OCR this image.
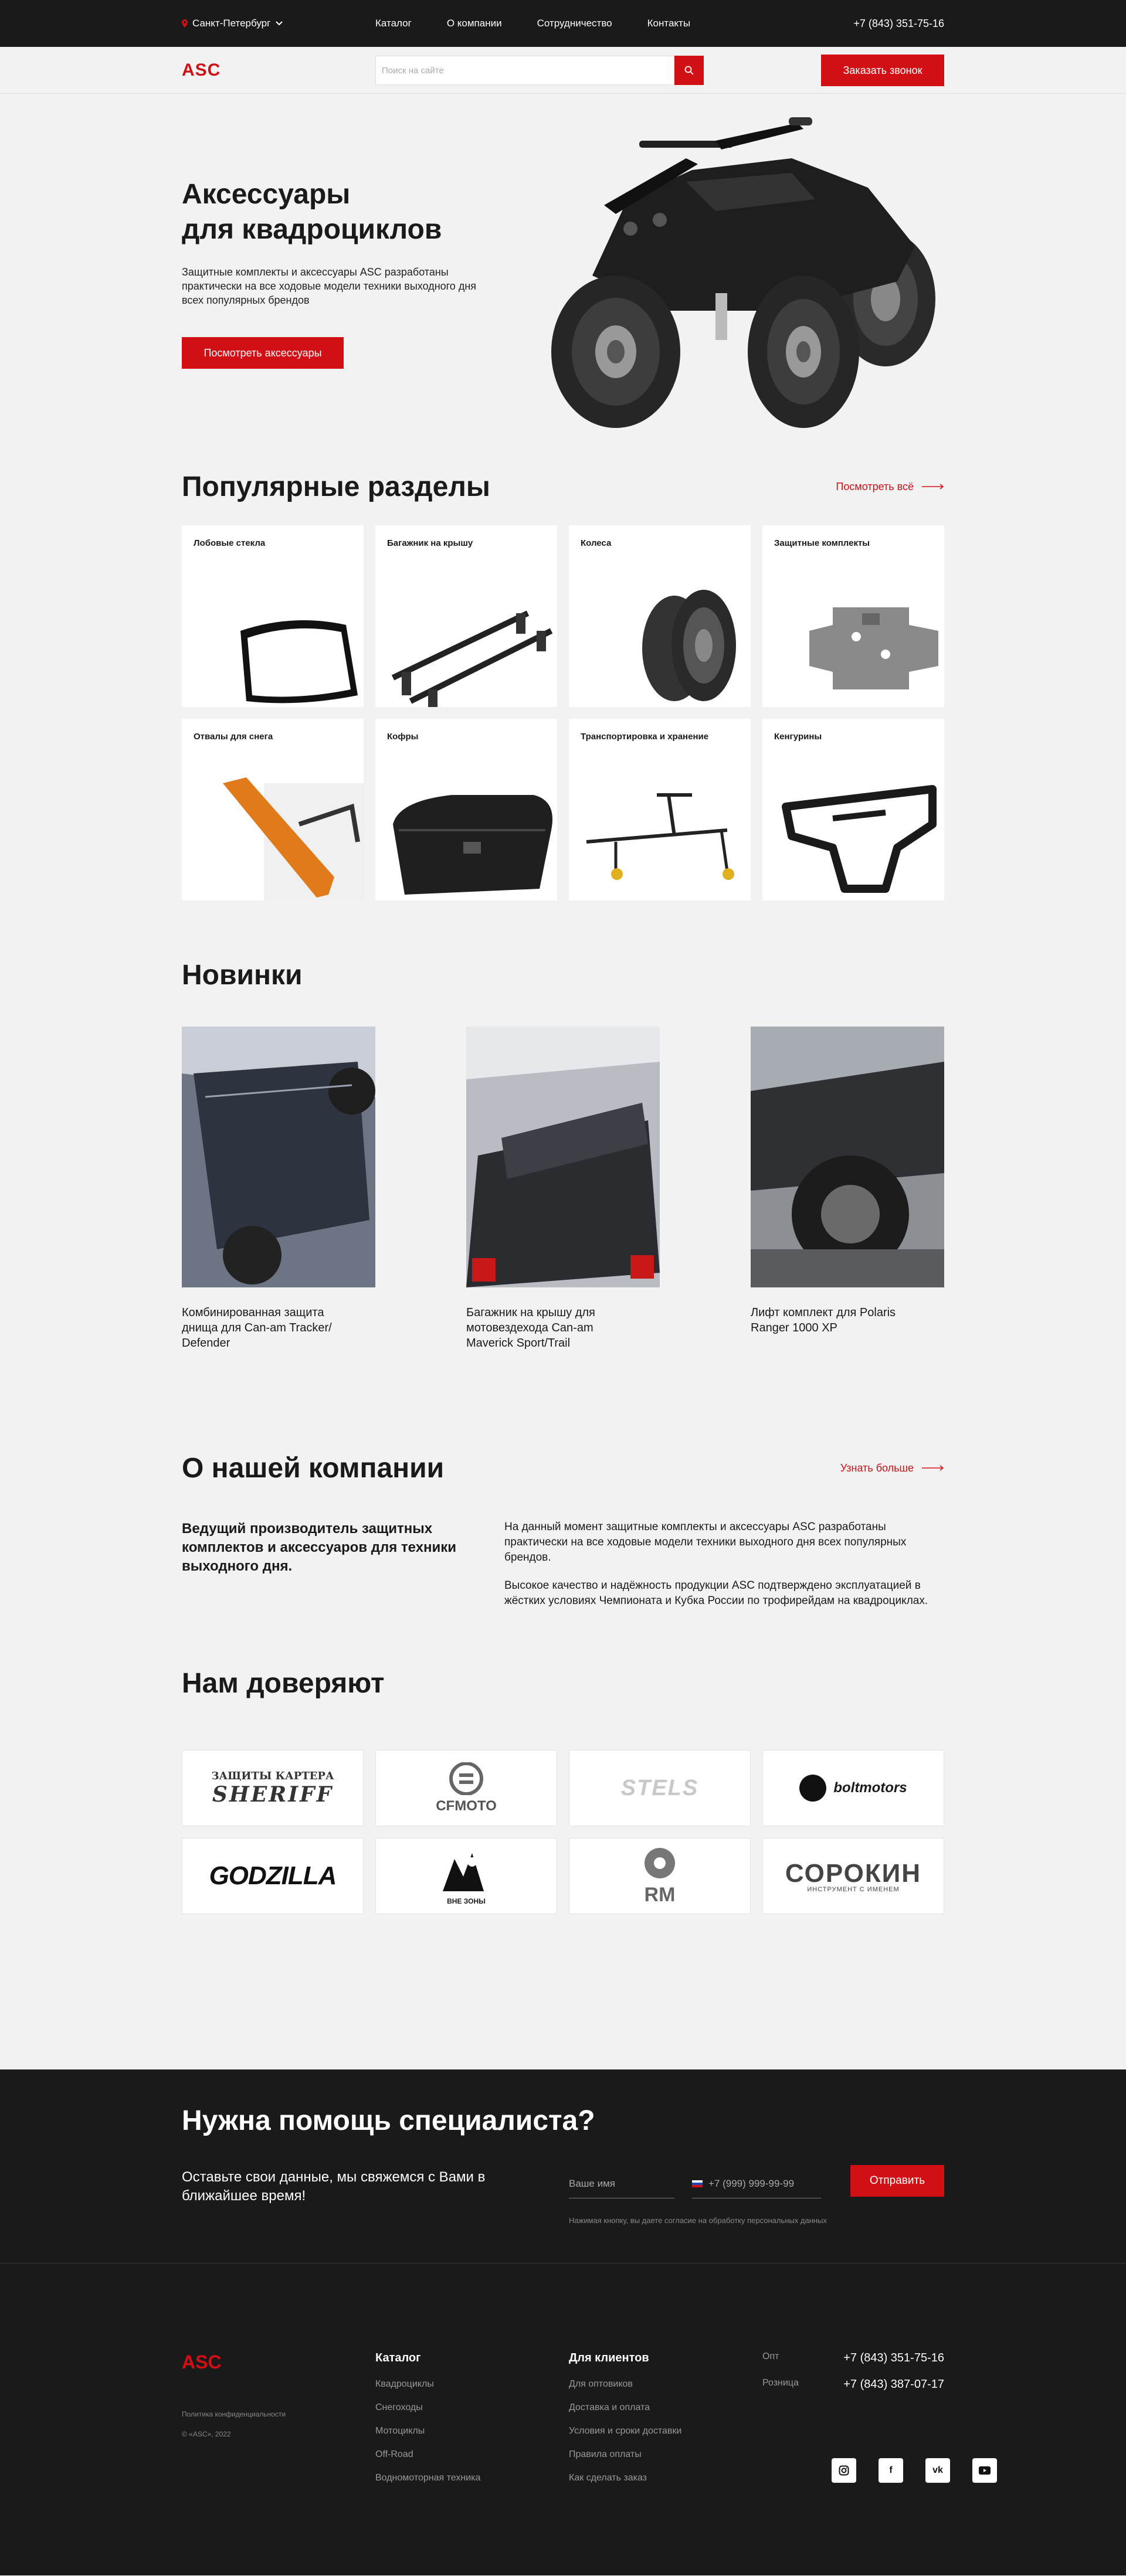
Санкт-Петербург	Каталог	О компании	Сотрудничество	Контакты	+7 (843) 351-75-16
ASC	Поиск на сайте	Заказать звонок
Аксессуары
для квадроциклов

Защитные комплекты и аксессуары ASC разработаны практически на все ходовые модели техники выходного дня всех популярных брендов

Посмотреть аксессуары
Популярные разделы	Посмотреть всё
Лобовые стекла	Багажник на крышу	Колеса	Защитные комплекты
Отвалы для снега	Кофры	Транспортировка и хранение	Кенгурины
Новинки
Комбинированная защита днища для Can-am Tracker/ Defender
Багажник на крышу для мотовездехода Can-am Maverick Sport/Trail
Лифт комплект для Polaris Ranger 1000 XP
О нашей компании	Узнать больше
Ведущий производитель защитных комплектов и аксессуаров для техники выходного дня.

На данный момент защитные комплекты и аксессуары ASC разработаны практически на все ходовые модели техники выходного дня всех популярных брендов.

Высокое качество и надёжность продукции ASC подтверждено эксплуатацией в жёстких условиях Чемпионата и Кубка России по трофирейдам на квадроциклах.

Нам доверяют
ЗАЩИТЫ КАРТЕРА
SHERIFF	CFMOTO
STELS	boltmotors
GODZILLA
ВНЕ ЗОНЫ	RM
СОРОКИН
ИНСТРУМЕНТ С ИМЕНЕМ
Нужна помощь специалиста?
Оставьте свои данные, мы свяжемся с Вами в ближайшее время!
Ваше имя	+7 (999) 999-99-99	Отправить
Нажимая кнопку, вы даете согласие на обработку персональных данных
ASC
Политика конфиденциальности
© «ASC», 2022
Каталог
Квадроциклы
Снегоходы
Мотоциклы
Off-Road
Водномоторная техника
Для клиентов
Для оптовиков
Доставка и оплата
Условия и сроки доставки
Правила оплаты
Как сделать заказ
Опт	+7 (843) 351-75-16
Розница	+7 (843) 387-07-17
f	vk
